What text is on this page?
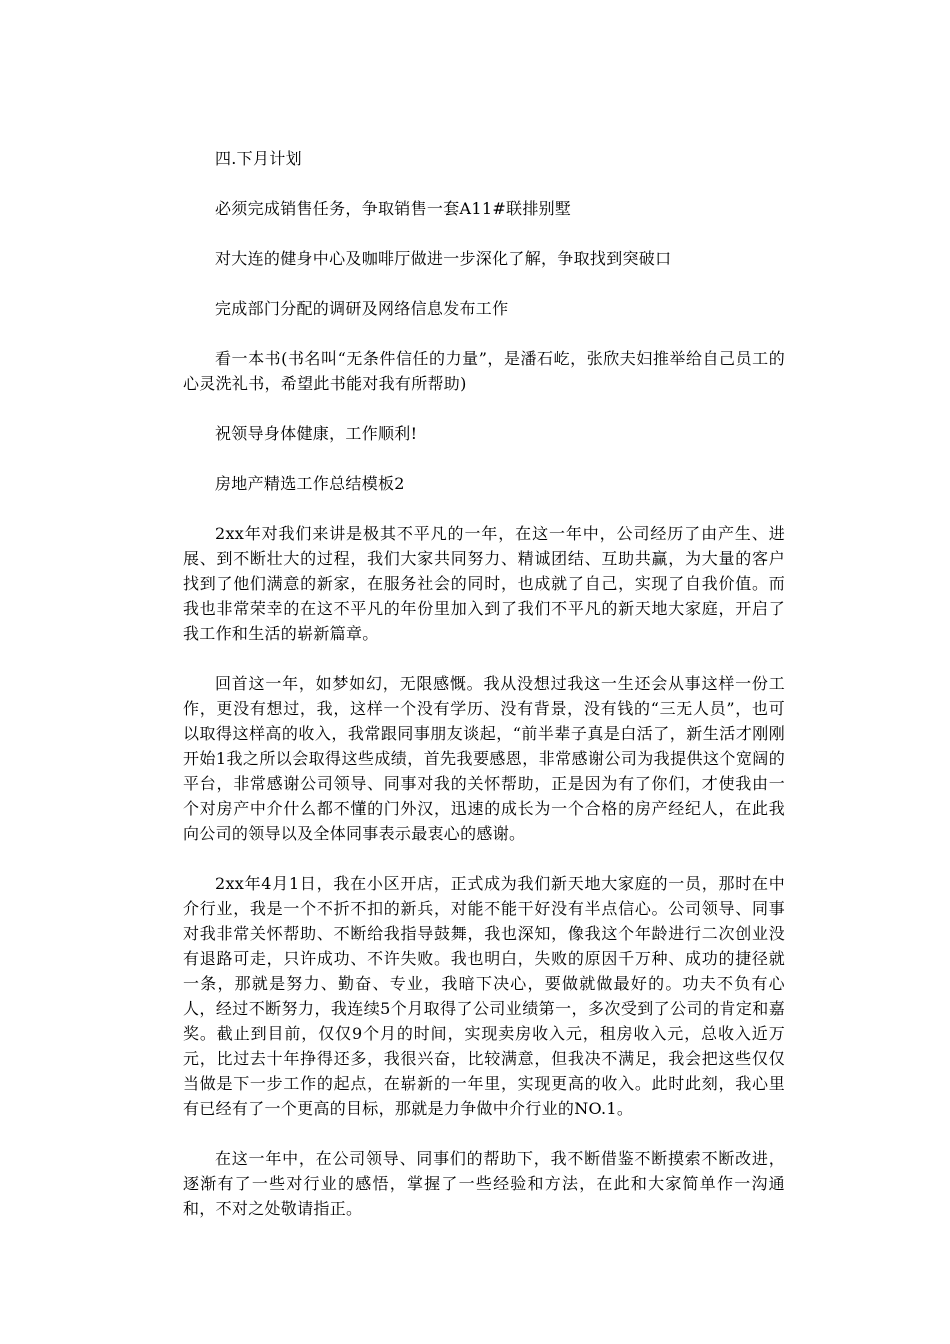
四.下月计划

必须完成销售任务，争取销售一套A11#联排别墅

对大连的健身中心及咖啡厅做进一步深化了解，争取找到突破口

完成部门分配的调研及网络信息发布工作

看一本书(书名叫“无条件信任的力量”，是潘石屹，张欣夫妇推举给自己员工的心灵洗礼书，希望此书能对我有所帮助)

祝领导身体健康，工作顺利!

房地产精选工作总结模板2

2xx年对我们来讲是极其不平凡的一年，在这一年中，公司经历了由产生、进展、到不断壮大的过程，我们大家共同努力、精诚团结、互助共赢，为大量的客户找到了他们满意的新家，在服务社会的同时，也成就了自己，实现了自我价值。而我也非常荣幸的在这不平凡的年份里加入到了我们不平凡的新天地大家庭，开启了我工作和生活的崭新篇章。

回首这一年，如梦如幻，无限感慨。我从没想过我这一生还会从事这样一份工作，更没有想过，我，这样一个没有学历、没有背景，没有钱的“三无人员”，也可以取得这样高的收入，我常跟同事朋友谈起，“前半辈子真是白活了，新生活才刚刚开始1我之所以会取得这些成绩，首先我要感恩，非常感谢公司为我提供这个宽阔的平台，非常感谢公司领导、同事对我的关怀帮助，正是因为有了你们，才使我由一个对房产中介什么都不懂的门外汉，迅速的成长为一个合格的房产经纪人，在此我向公司的领导以及全体同事表示最衷心的感谢。

2xx年4月1日，我在小区开店，正式成为我们新天地大家庭的一员，那时在中介行业，我是一个不折不扣的新兵，对能不能干好没有半点信心。公司领导、同事对我非常关怀帮助、不断给我指导鼓舞，我也深知，像我这个年龄进行二次创业没有退路可走，只许成功、不许失败。我也明白，失败的原因千万种、成功的捷径就一条，那就是努力、勤奋、专业，我暗下决心，要做就做最好的。功夫不负有心人，经过不断努力，我连续5个月取得了公司业绩第一，多次受到了公司的肯定和嘉奖。截止到目前，仅仅9个月的时间，实现卖房收入元，租房收入元，总收入近万元，比过去十年挣得还多，我很兴奋，比较满意，但我决不满足，我会把这些仅仅当做是下一步工作的起点，在崭新的一年里，实现更高的收入。此时此刻，我心里有已经有了一个更高的目标，那就是力争做中介行业的NO.1。

在这一年中，在公司领导、同事们的帮助下，我不断借鉴不断摸索不断改进，逐渐有了一些对行业的感悟，掌握了一些经验和方法，在此和大家简单作一沟通和，不对之处敬请指正。
